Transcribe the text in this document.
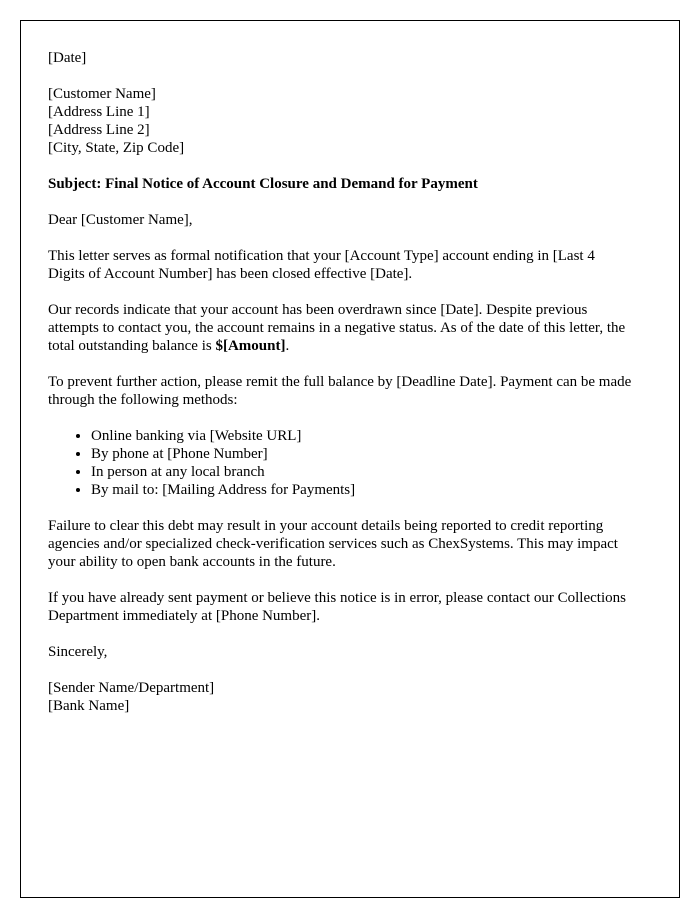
[Date]

[Customer Name]
[Address Line 1]
[Address Line 2]
[City, State, Zip Code]

Subject: Final Notice of Account Closure and Demand for Payment

Dear [Customer Name],

This letter serves as formal notification that your [Account Type] account ending in [Last 4 Digits of Account Number] has been closed effective [Date].

Our records indicate that your account has been overdrawn since [Date]. Despite previous attempts to contact you, the account remains in a negative status. As of the date of this letter, the total outstanding balance is $[Amount].

To prevent further action, please remit the full balance by [Deadline Date]. Payment can be made through the following methods:

• Online banking via [Website URL]
• By phone at [Phone Number]
• In person at any local branch
• By mail to: [Mailing Address for Payments]

Failure to clear this debt may result in your account details being reported to credit reporting agencies and/or specialized check-verification services such as ChexSystems. This may impact your ability to open bank accounts in the future.

If you have already sent payment or believe this notice is in error, please contact our Collections Department immediately at [Phone Number].

Sincerely,

[Sender Name/Department]
[Bank Name]
